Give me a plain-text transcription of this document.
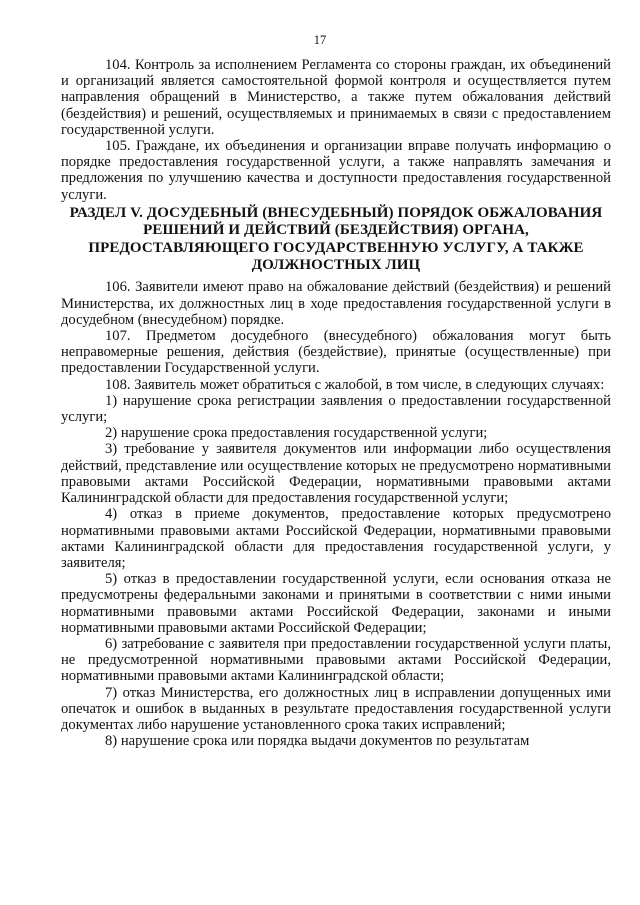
17

104. Контроль за исполнением Регламента со стороны граждан, их объединений и организаций является самостоятельной формой контроля и осуществляется путем направления обращений в Министерство, а также путем обжалования действий (бездействия) и решений, осуществляемых и принимаемых в связи с предоставлением государственной услуги.

105. Граждане, их объединения и организации вправе получать информацию о порядке предоставления государственной услуги, а также направлять замечания и предложения по улучшению качества и доступности предоставления государственной услуги.

РАЗДЕЛ V. ДОСУДЕБНЫЙ (ВНЕСУДЕБНЫЙ) ПОРЯДОК ОБЖАЛОВАНИЯ РЕШЕНИЙ И ДЕЙСТВИЙ (БЕЗДЕЙСТВИЯ) ОРГАНА, ПРЕДОСТАВЛЯЮЩЕГО ГОСУДАРСТВЕННУЮ УСЛУГУ, А ТАКЖЕ ДОЛЖНОСТНЫХ ЛИЦ

106. Заявители имеют право на обжалование действий (бездействия) и решений Министерства, их должностных лиц в ходе предоставления государственной услуги в досудебном (внесудебном) порядке.

107. Предметом досудебного (внесудебного) обжалования могут быть неправомерные решения, действия (бездействие), принятые (осуществленные) при предоставлении Государственной услуги.

108. Заявитель может обратиться с жалобой, в том числе, в следующих случаях:

1) нарушение срока регистрации заявления о предоставлении государственной услуги;

2) нарушение срока предоставления государственной услуги;

3) требование у заявителя документов или информации либо осуществления действий, представление или осуществление которых не предусмотрено нормативными правовыми актами Российской Федерации, нормативными правовыми актами Калининградской области для предоставления государственной услуги;

4) отказ в приеме документов, предоставление которых предусмотрено нормативными правовыми актами Российской Федерации, нормативными правовыми актами Калининградской области для предоставления государственной услуги, у заявителя;

5) отказ в предоставлении государственной услуги, если основания отказа не предусмотрены федеральными законами и принятыми в соответствии с ними иными нормативными правовыми актами Российской Федерации, законами и иными нормативными правовыми актами Российской Федерации;

6) затребование с заявителя при предоставлении государственной услуги платы, не предусмотренной нормативными правовыми актами Российской Федерации, нормативными правовыми актами Калининградской области;

7) отказ Министерства, его должностных лиц в исправлении допущенных ими опечаток и ошибок в выданных в результате предоставления государственной услуги документах либо нарушение установленного срока таких исправлений;

8) нарушение срока или порядка выдачи документов по результатам
